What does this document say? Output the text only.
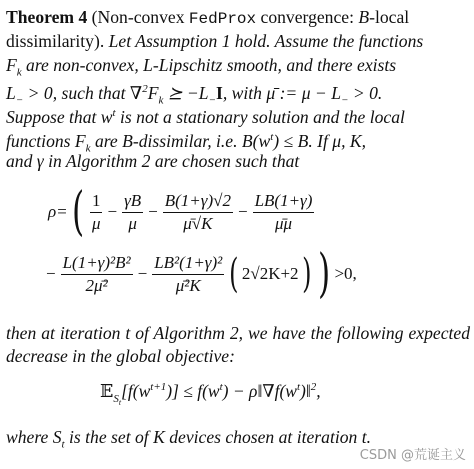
Theorem 4 (Non-convex FedProx convergence: B-local
dissimilarity). Let Assumption 1 hold. Assume the functions
$F_k$ are non-convex, L-Lipschitz smooth, and there exists
$L_- > 0$, such that $\nabla^2F_k$ ⪰ $-L_-I$, with μ̄ := $\mu - L_- > 0$.
Suppose that $w^t$ is not a stationary solution and the local
functions $F_k$ are B-dissimilar, i.e. $B(w^t) \le B$. If μ, K,
and γ in Algorithm 2 are chosen such that
$\rho=( \frac{1}{\mu} - \frac{\gamma B}{\mu} - \frac{B(1+\gamma)√2}{\mū√K} - \frac{LB(1+\gamma)}{\mū\mu}$
− $\frac{\text{L(1+γ)²B²}}{\text{2μ̄²}} - \frac{\text{LB²(1+γ)²}}{\text{μ̄²K}}$ ( 2√2K+2) ) >0,
then at iteration t of Algorithm 2, we have the following expected decrease in the global objective:
$𝔼_{S_t}[f(w^{t+1})] \le f(w^t)$ − $\rho‖\nabla f(w^t)‖^2$,
where $S_t$ is the set of K devices chosen at iteration t.
CSDN @荒诞主义
